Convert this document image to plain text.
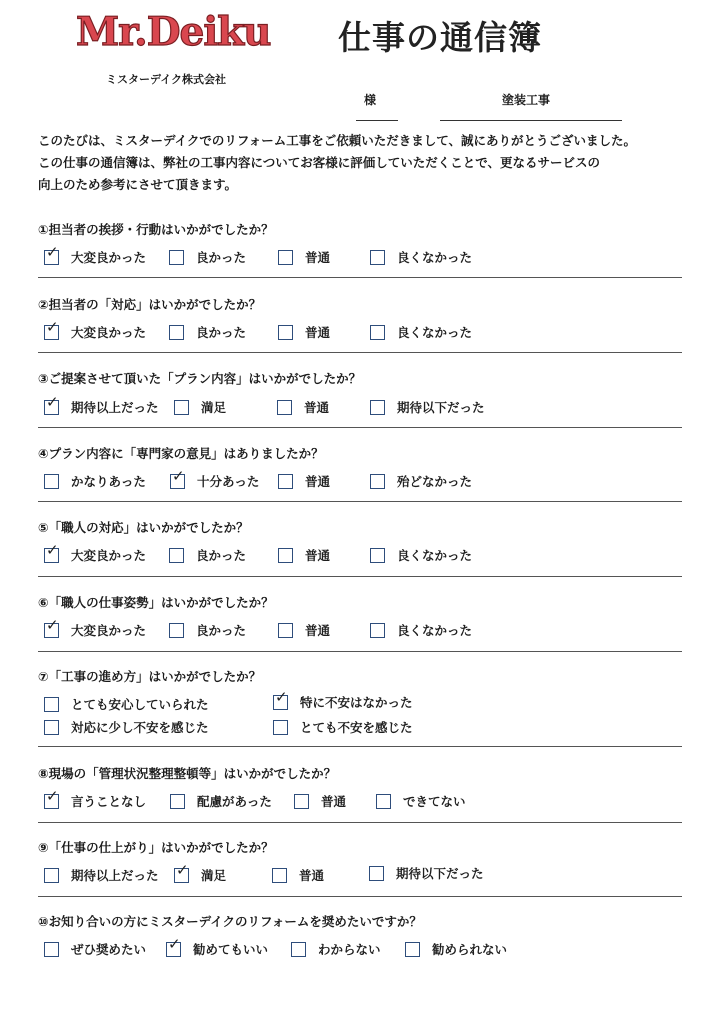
Mr.Deiku 仕事の通信簿
ミスターデイク株式会社
様	塗装工事
このたびは、ミスターデイクでのリフォーム工事をご依頼いただきまして、誠にありがとうございました。
この仕事の通信簿は、弊社の工事内容についてお客様に評価していただくことで、更なるサービスの
向上のため参考にさせて頂きます。
①担当者の挨拶・行動はいかがでしたか？
✓ 大変良かった	良かった	普通	良くなかった
②担当者の「対応」はいかがでしたか？
✓ 大変良かった	良かった	普通	良くなかった
③ご提案させて頂いた「プラン内容」はいかがでしたか？
✓ 期待以上だった	満足	普通	期待以下だった
④プラン内容に「専門家の意見」はありましたか？
かなりあった ✓ 十分あった	普通	殆どなかった
⑤「職人の対応」はいかがでしたか？
✓ 大変良かった	良かった	普通	良くなかった
⑥「職人の仕事姿勢」はいかがでしたか？
✓ 大変良かった	良かった	普通	良くなかった
⑦「工事の進め方」はいかがでしたか？
とても安心していられた	✓ 特に不安はなかった
対応に少し不安を感じた	とても不安を感じた
⑧現場の「管理状況整理整頓等」はいかがでしたか？
✓ 言うことなし	配慮があった	普通	できてない
⑨「仕事の仕上がり」はいかがでしたか？
期待以上だった ✓ 満足	普通	期待以下だった
⑩お知り合いの方にミスターデイクのリフォームを奨めたいですか？
ぜひ奨めたい ✓ 勧めてもいい	わからない	勧められない
